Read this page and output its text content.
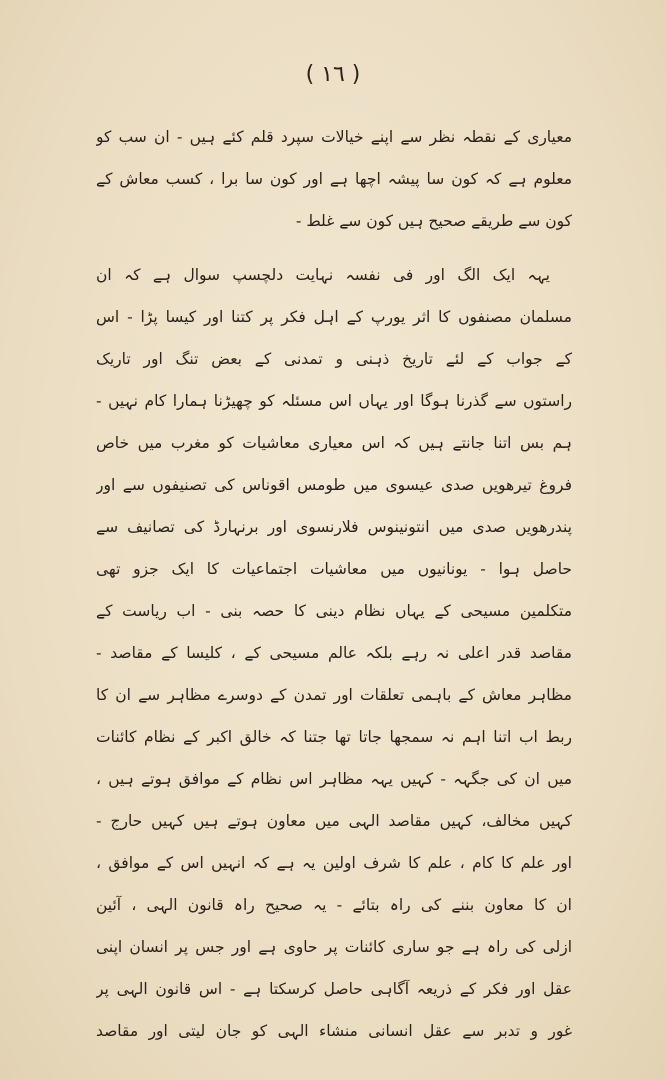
( ١٦ )
معیاری کے نقطہ نظر سے اپنے خیالات سپرد قلم کئے ہیں - ان سب کو
معلوم ہے کہ کون سا پیشہ اچھا ہے اور کون سا برا ، کسب معاش کے
کون سے طریقے صحیح ہیں کون سے غلط -
یہہ ایک الگ اور فی نفسہ نہایت دلچسپ سوال ہے کہ ان
مسلمان مصنفوں کا اثر یورپ کے اہل فکر پر کتنا اور کیسا پڑا - اس
کے جواب کے لئے تاریخ ذہنی و تمدنی کے بعض تنگ اور تاریک
راستوں سے گذرنا ہوگا اور یہاں اس مسئلہ کو چھیڑنا ہمارا کام نہیں -
ہم بس اتنا جانتے ہیں کہ اس معیاری معاشیات کو مغرب میں خاص
فروغ تیرھویں صدی عیسوی میں طومس اقوناس کی تصنیفوں سے اور
پندرھویں صدی میں انتونینوس فلارنسوی اور برنہارڈ کی تصانیف سے
حاصل ہوا - یونانیوں میں معاشیات اجتماعیات کا ایک جزو تھی
متکلمین مسیحی کے یہاں نظام دینی کا حصہ بنی - اب ریاست کے
مقاصد قدر اعلی نہ رہے بلکہ عالم مسیحی کے ، کلیسا کے مقاصد -
مظاہر معاش کے باہمی تعلقات اور تمدن کے دوسرے مظاہر سے ان کا
ربط اب اتنا اہم نہ سمجھا جاتا تھا جتنا کہ خالق اکبر کے نظام کائنات
میں ان کی جگہہ - کہیں یہہ مظاہر اس نظام کے موافق ہوتے ہیں ،
کہیں مخالف، کہیں مقاصد الہی میں معاون ہوتے ہیں کہیں حارج -
اور علم کا کام ، علم کا شرف اولین یہ ہے کہ انہیں اس کے موافق ،
ان کا معاون بننے کی راہ بتائے - یہ صحیح راہ قانون الہی ، آئین
ازلی کی راہ ہے جو ساری کائنات پر حاوی ہے اور جس پر انسان اپنی
عقل اور فکر کے ذریعہ آگاہی حاصل کرسکتا ہے - اس قانون الہی پر
غور و تدبر سے عقل انسانی منشاء الہی کو جان لیتی اور مقاصد
